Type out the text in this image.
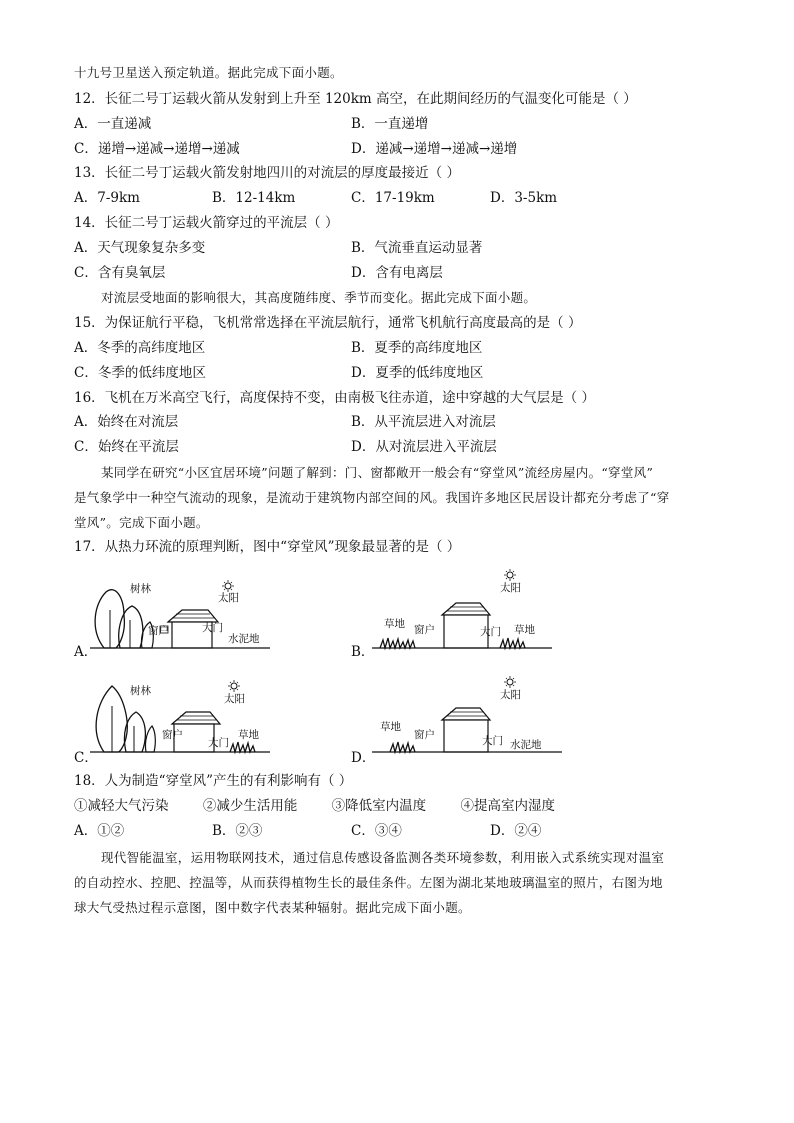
十九号卫星送入预定轨道。据此完成下面小题。
12．长征二号丁运载火箭从发射到上升至 120km 高空，在此期间经历的气温变化可能是（ ）
A．一直递减	B．一直递增
C．递增→递减→递增→递减	D．递减→递增→递减→递增
13．长征二号丁运载火箭发射地四川的对流层的厚度最接近（ ）
A．7-9km	B．12-14km	C．17-19km	D．3-5km
14．长征二号丁运载火箭穿过的平流层（ ）
A．天气现象复杂多变	B．气流垂直运动显著
C．含有臭氧层	D．含有电离层
对流层受地面的影响很大，其高度随纬度、季节而变化。据此完成下面小题。
15．为保证航行平稳，飞机常常选择在平流层航行，通常飞机航行高度最高的是（ ）
A．冬季的高纬度地区	B．夏季的高纬度地区
C．冬季的低纬度地区	D．夏季的低纬度地区
16．飞机在万米高空飞行，高度保持不变，由南极飞往赤道，途中穿越的大气层是（ ）
A．始终在对流层	B．从平流层进入对流层
C．始终在平流层	D．从对流层进入平流层
某同学在研究“小区宜居环境”问题了解到：门、窗都敞开一般会有“穿堂风”流经房屋内。“穿堂风”
是气象学中一种空气流动的现象，是流动于建筑物内部空间的风。我国许多地区民居设计都充分考虑了“穿
堂风”。完成下面小题。
17．从热力环流的原理判断，图中“穿堂风”现象最显著的是（ ）
A．
树林
窗户	大门
太阳
水泥地
B．
太阳
草地 窗户	大门 草地
C．
树林
太阳
窗户
大门
草地
D．
太阳
草地
窗户	大门 水泥地
18．人为制造“穿堂风”产生的有利影响有（ ）
①减轻大气污染        ②减少生活用能        ③降低室内温度        ④提高室内湿度
A．①②	B．②③	C．③④	D．②④
现代智能温室，运用物联网技术，通过信息传感设备监测各类环境参数，利用嵌入式系统实现对温室
的自动控水、控肥、控温等，从而获得植物生长的最佳条件。左图为湖北某地玻璃温室的照片，右图为地
球大气受热过程示意图，图中数字代表某种辐射。据此完成下面小题。
